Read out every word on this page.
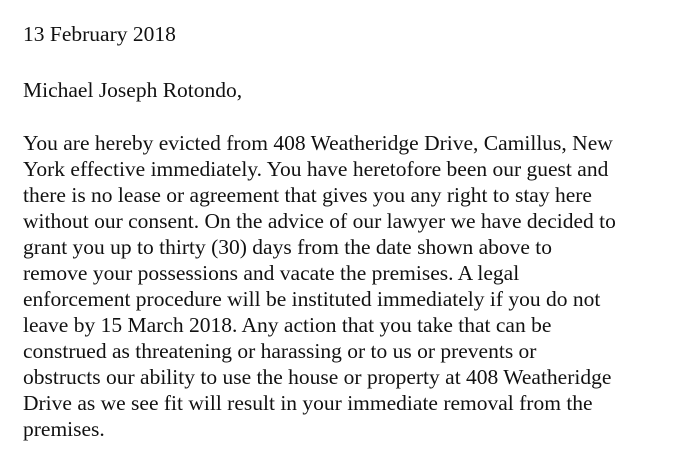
13 February 2018
Michael Joseph Rotondo,
You are hereby evicted from 408 Weatheridge Drive, Camillus, New
York effective immediately. You have heretofore been our guest and
there is no lease or agreement that gives you any right to stay here
without our consent. On the advice of our lawyer we have decided to
grant you up to thirty (30) days from the date shown above to
remove your possessions and vacate the premises. A legal
enforcement procedure will be instituted immediately if you do not
leave by 15 March 2018. Any action that you take that can be
construed as threatening or harassing or to us or prevents or
obstructs our ability to use the house or property at 408 Weatheridge
Drive as we see fit will result in your immediate removal from the
premises.
